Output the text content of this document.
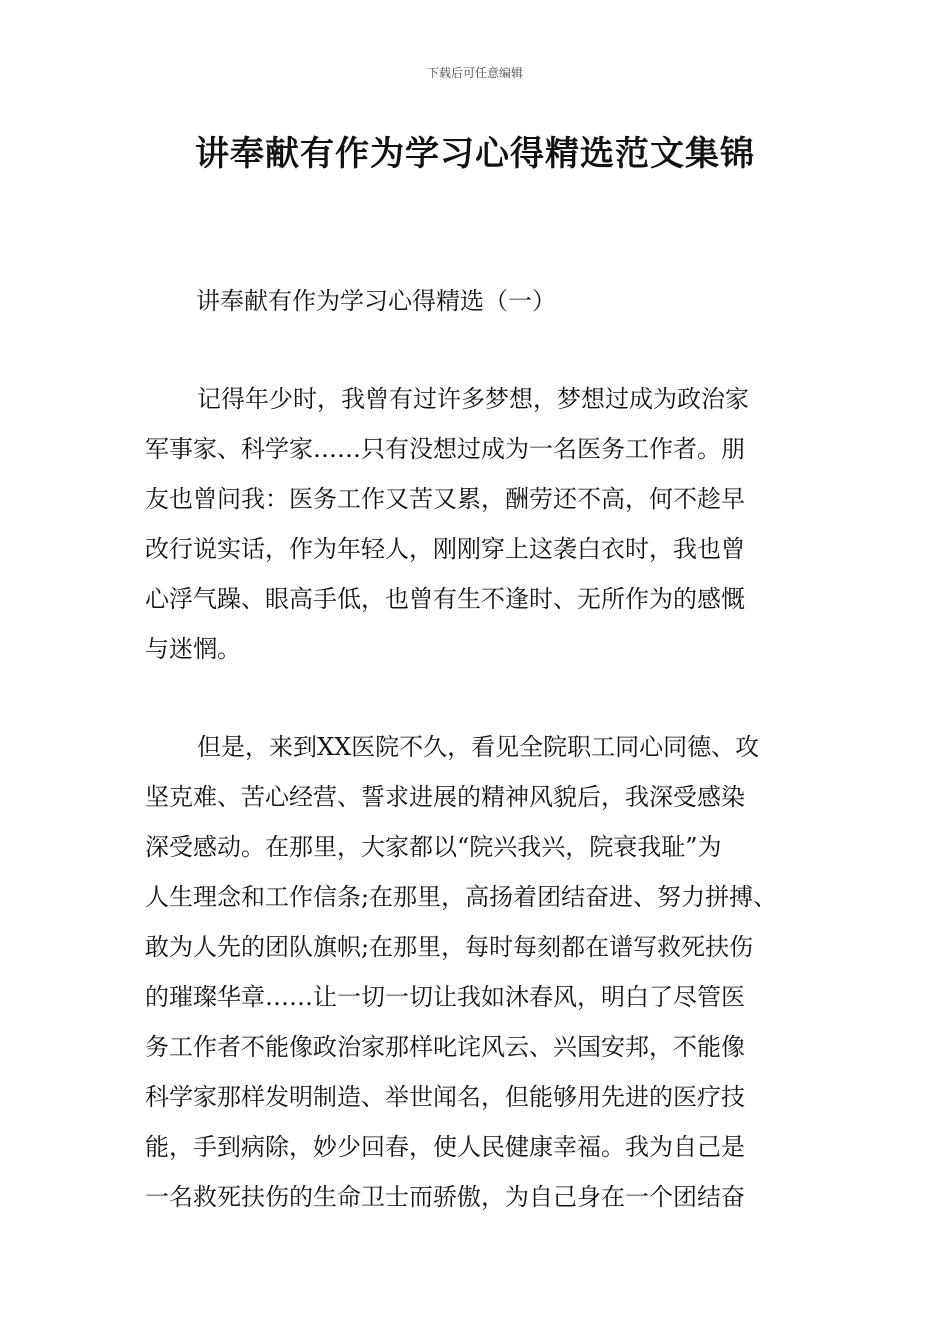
下载后可任意编辑
讲奉献有作为学习心得精选范文集锦
讲奉献有作为学习心得精选（一）
记得年少时，我曾有过许多梦想，梦想过成为政治家
军事家、科学家……只有没想过成为一名医务工作者。朋
友也曾问我：医务工作又苦又累，酬劳还不高，何不趁早
改行说实话，作为年轻人，刚刚穿上这袭白衣时，我也曾
心浮气躁、眼高手低，也曾有生不逢时、无所作为的感慨
与迷惘。
但是，来到XX医院不久，看见全院职工同心同德、攻
坚克难、苦心经营、誓求进展的精神风貌后，我深受感染
深受感动。在那里，大家都以“院兴我兴，院衰我耻”为
人生理念和工作信条;在那里，高扬着团结奋进、努力拼搏、
敢为人先的团队旗帜;在那里，每时每刻都在谱写救死扶伤
的璀璨华章……让一切一切让我如沐春风，明白了尽管医
务工作者不能像政治家那样叱诧风云、兴国安邦，不能像
科学家那样发明制造、举世闻名，但能够用先进的医疗技
能，手到病除，妙少回春，使人民健康幸福。我为自己是
一名救死扶伤的生命卫士而骄傲，为自己身在一个团结奋
